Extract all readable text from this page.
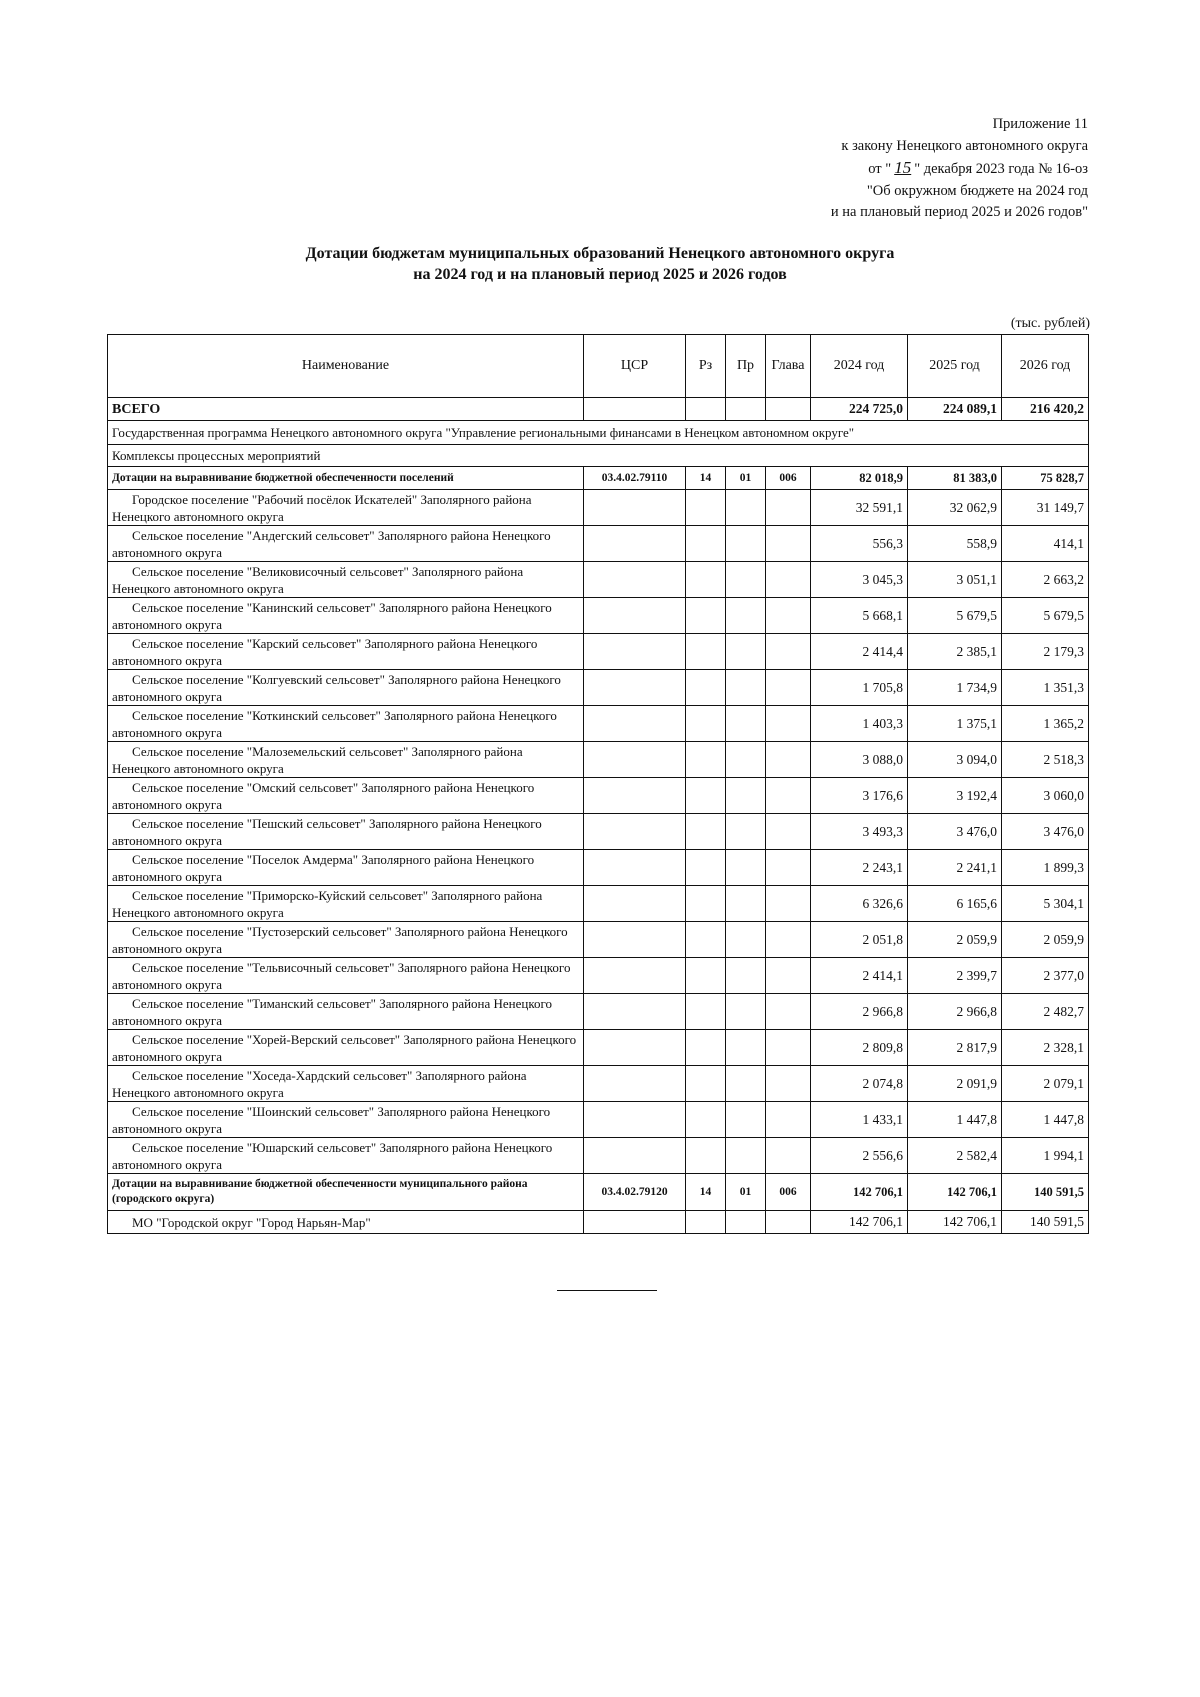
Приложение 11
к закону Ненецкого автономного округа
от " 15 " декабря 2023 года № 16-оз
"Об окружном бюджете на 2024 год
и на плановый период 2025 и 2026 годов"
Дотации бюджетам муниципальных образований Ненецкого автономного округа
на 2024 год и на плановый период 2025 и 2026 годов
(тыс. рублей)
Наименование	ЦСР	Рз	Пр	Глава	2024 год	2025 год	2026 год
ВСЕГО					224 725,0	224 089,1	216 420,2
Государственная программа Ненецкого автономного округа "Управление региональными финансами в Ненецком автономном округе"							
Комплексы процессных мероприятий							
Дотации на выравнивание бюджетной обеспеченности поселений	03.4.02.79110	14	01	006	82 018,9	81 383,0	75 828,7

Городское поселение "Рабочий посёлок Искателей" Заполярного района Ненецкого автономного округа					32 591,1	32 062,9	31 149,7

Сельское поселение "Андегский сельсовет" Заполярного района Ненецкого автономного округа					556,3	558,9	414,1

Сельское поселение "Великовисочный сельсовет" Заполярного района Ненецкого автономного округа					3 045,3	3 051,1	2 663,2

Сельское поселение "Канинский сельсовет" Заполярного района Ненецкого автономного округа					5 668,1	5 679,5	5 679,5

Сельское поселение "Карский сельсовет" Заполярного района Ненецкого автономного округа					2 414,4	2 385,1	2 179,3

Сельское поселение "Колгуевский сельсовет" Заполярного района Ненецкого автономного округа					1 705,8	1 734,9	1 351,3

Сельское поселение "Коткинский сельсовет" Заполярного района Ненецкого автономного округа					1 403,3	1 375,1	1 365,2

Сельское поселение "Малоземельский сельсовет" Заполярного района Ненецкого автономного округа					3 088,0	3 094,0	2 518,3

Сельское поселение "Омский сельсовет" Заполярного района Ненецкого автономного округа					3 176,6	3 192,4	3 060,0

Сельское поселение "Пешский сельсовет" Заполярного района Ненецкого автономного округа					3 493,3	3 476,0	3 476,0

Сельское поселение "Поселок Амдерма" Заполярного района Ненецкого автономного округа					2 243,1	2 241,1	1 899,3

Сельское поселение "Приморско-Куйский сельсовет" Заполярного района Ненецкого автономного округа					6 326,6	6 165,6	5 304,1

Сельское поселение "Пустозерский сельсовет" Заполярного района Ненецкого автономного округа					2 051,8	2 059,9	2 059,9

Сельское поселение "Тельвисочный сельсовет" Заполярного района Ненецкого автономного округа					2 414,1	2 399,7	2 377,0

Сельское поселение "Тиманский сельсовет" Заполярного района Ненецкого автономного округа					2 966,8	2 966,8	2 482,7

Сельское поселение "Хорей-Верский сельсовет" Заполярного района Ненецкого автономного округа					2 809,8	2 817,9	2 328,1

Сельское поселение "Хоседа-Хардский сельсовет" Заполярного района Ненецкого автономного округа					2 074,8	2 091,9	2 079,1

Сельское поселение "Шоинский сельсовет" Заполярного района Ненецкого автономного округа					1 433,1	1 447,8	1 447,8

Сельское поселение "Юшарский сельсовет" Заполярного района Ненецкого автономного округа					2 556,6	2 582,4	1 994,1
Дотации на выравнивание бюджетной обеспеченности муниципального района (городского округа)	03.4.02.79120	14	01	006	142 706,1	142 706,1	140 591,5

МО "Городской округ "Город Нарьян-Мар"					142 706,1	142 706,1	140 591,5
